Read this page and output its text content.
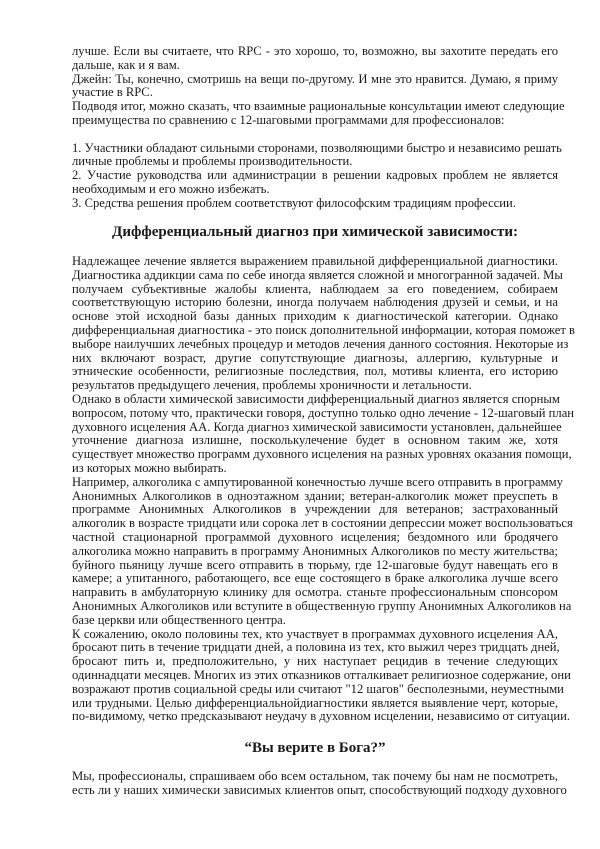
лучше. Если вы считаете, что RPC - это хорошо, то, возможно, вы захотите передать его
дальше, как и я вам.
Джейн: Ты, конечно, смотришь на вещи по-другому. И мне это нравится. Думаю, я приму
участие в RPC.
Подводя итог, можно сказать, что взаимные рациональные консультации имеют следующие
преимущества по сравнению с 12-шаговыми программами для профессионалов:
1. Участники обладают сильными сторонами, позволяющими быстро и независимо решать
личные проблемы и проблемы производительности.
2. Участие руководства или администрации в решении кадровых проблем не является
необходимым и его можно избежать.
3. Средства решения проблем соответствуют философским традициям профессии.
Дифференциальный диагноз при химической зависимости:
Надлежащее лечение является выражением правильной дифференциальной диагностики.
Диагностика аддикции сама по себе иногда является сложной и многогранной задачей. Мы
получаем субъективные жалобы клиента, наблюдаем за его поведением, собираем
соответствующую историю болезни, иногда получаем наблюдения друзей и семьи, и на
основе этой исходной базы данных приходим к диагностической категории. Однако
дифференциальная диагностика - это поиск дополнительной информации, которая поможет в
выборе наилучших лечебных процедур и методов лечения данного состояния. Некоторые из
них включают возраст, другие сопутствующие диагнозы, аллергию, культурные и
этнические особенности, религиозные последствия, пол, мотивы клиента, его историю
результатов предыдущего лечения, проблемы хроничности и летальности.
Однако в области химической зависимости дифференциальный диагноз является спорным
вопросом, потому что, практически говоря, доступно только одно лечение - 12-шаговый план
духовного исцеления АА. Когда диагноз химической зависимости установлен, дальнейшее
уточнение диагноза излишне, посколькулечение будет в основном таким же, хотя
существует множество программ духовного исцеления на разных уровнях оказания помощи,
из которых можно выбирать.
Например, алкоголика с ампутированной конечностью лучше всего отправить в программу
Анонимных Алкоголиков в одноэтажном здании; ветеран-алкоголик может преуспеть в
программе Анонимных Алкоголиков в учреждении для ветеранов; застрахованный
алкоголик в возрасте тридцати или сорока лет в состоянии депрессии может воспользоваться
частной стационарной программой духовного исцеления; бездомного или бродячего
алкоголика можно направить в программу Анонимных Алкоголиков по месту жительства;
буйного пьяницу лучше всего отправить в тюрьму, где 12-шаговые будут навещать его в
камере; а упитанного, работающего, все еще состоящего в браке алкоголика лучше всего
направить в амбулаторную клинику для осмотра. станьте профессиональным спонсором
Анонимных Алкоголиков или вступите в общественную группу Анонимных Алкоголиков на
базе церкви или общественного центра.
К сожалению, около половины тех, кто участвует в программах духовного исцеления АА,
бросают пить в течение тридцати дней, а половина из тех, кто выжил через тридцать дней,
бросают пить и, предположительно, у них наступает рецидив в течение следующих
одиннадцати месяцев. Многих из этих отказников отталкивает религиозное содержание, они
возражают против социальной среды или считают "12 шагов" бесполезными, неуместными
или трудными. Целью дифференциальнойдиагностики является выявление черт, которые,
по-видимому, четко предсказывают неудачу в духовном исцелении, независимо от ситуации.
“Вы верите в Бога?”
Мы, профессионалы, спрашиваем обо всем остальном, так почему бы нам не посмотреть,
есть ли у наших химически зависимых клиентов опыт, способствующий подходу духовного
